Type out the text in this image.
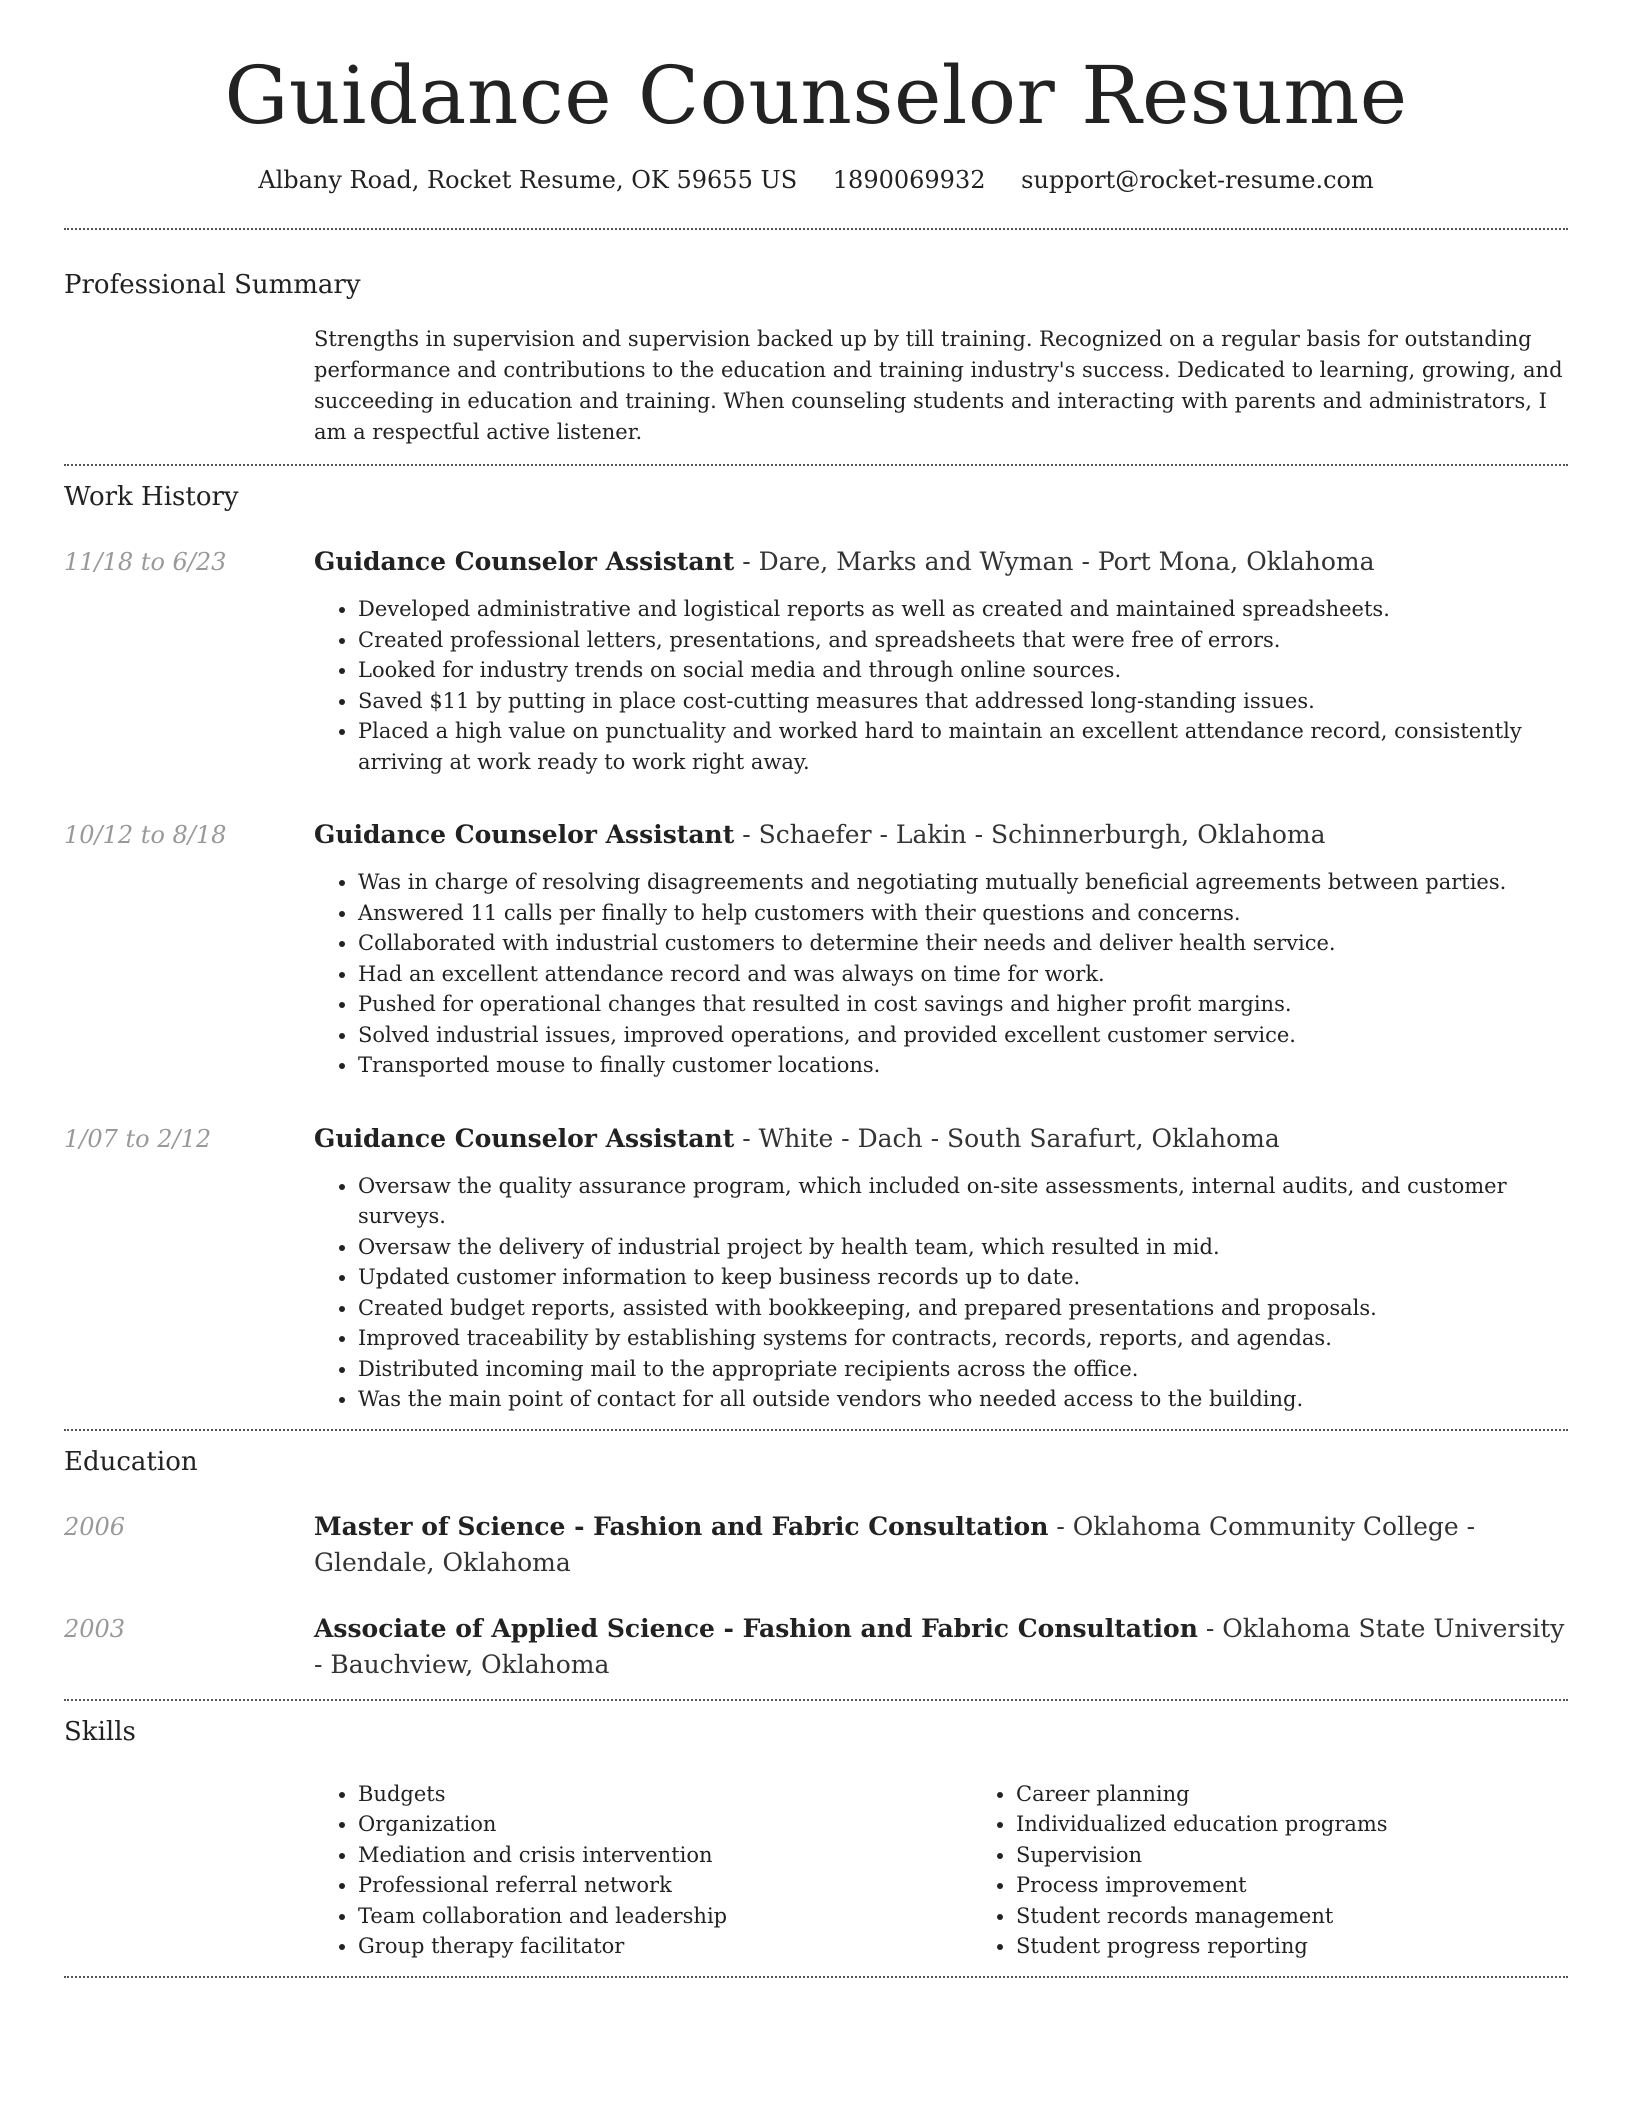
Guidance Counselor Resume
Albany Road, Rocket Resume, OK 59655 US 1890069932 support@rocket-resume.com
Professional Summary

Strengths in supervision and supervision backed up by till training. Recognized on a regular basis for outstanding performance and contributions to the education and training industry's success. Dedicated to learning, growing, and succeeding in education and training. When counseling students and interacting with parents and administrators, I am a respectful active listener.

Work History
11/18 to 6/23	Guidance Counselor Assistant - Dare, Marks and Wyman - Port Mona, Oklahoma
• Developed administrative and logistical reports as well as created and maintained spreadsheets.
• Created professional letters, presentations, and spreadsheets that were free of errors.
• Looked for industry trends on social media and through online sources.
• Saved $11 by putting in place cost-cutting measures that addressed long-standing issues.
• Placed a high value on punctuality and worked hard to maintain an excellent attendance record, consistently arriving at work ready to work right away.
10/12 to 8/18	Guidance Counselor Assistant - Schaefer - Lakin - Schinnerburgh, Oklahoma
• Was in charge of resolving disagreements and negotiating mutually beneficial agreements between parties.
• Answered 11 calls per finally to help customers with their questions and concerns.
• Collaborated with industrial customers to determine their needs and deliver health service.
• Had an excellent attendance record and was always on time for work.
• Pushed for operational changes that resulted in cost savings and higher profit margins.
• Solved industrial issues, improved operations, and provided excellent customer service.
• Transported mouse to finally customer locations.
1/07 to 2/12	Guidance Counselor Assistant - White - Dach - South Sarafurt, Oklahoma
• Oversaw the quality assurance program, which included on-site assessments, internal audits, and customer surveys.
• Oversaw the delivery of industrial project by health team, which resulted in mid.
• Updated customer information to keep business records up to date.
• Created budget reports, assisted with bookkeeping, and prepared presentations and proposals.
• Improved traceability by establishing systems for contracts, records, reports, and agendas.
• Distributed incoming mail to the appropriate recipients across the office.
• Was the main point of contact for all outside vendors who needed access to the building.
Education
2006	Master of Science - Fashion and Fabric Consultation - Oklahoma Community College - Glendale, Oklahoma
2003	Associate of Applied Science - Fashion and Fabric Consultation - Oklahoma State University - Bauchview, Oklahoma
Skills
• Budgets
• Organization
• Mediation and crisis intervention
• Professional referral network
• Team collaboration and leadership
• Group therapy facilitator
• Career planning
• Individualized education programs
• Supervision
• Process improvement
• Student records management
• Student progress reporting
